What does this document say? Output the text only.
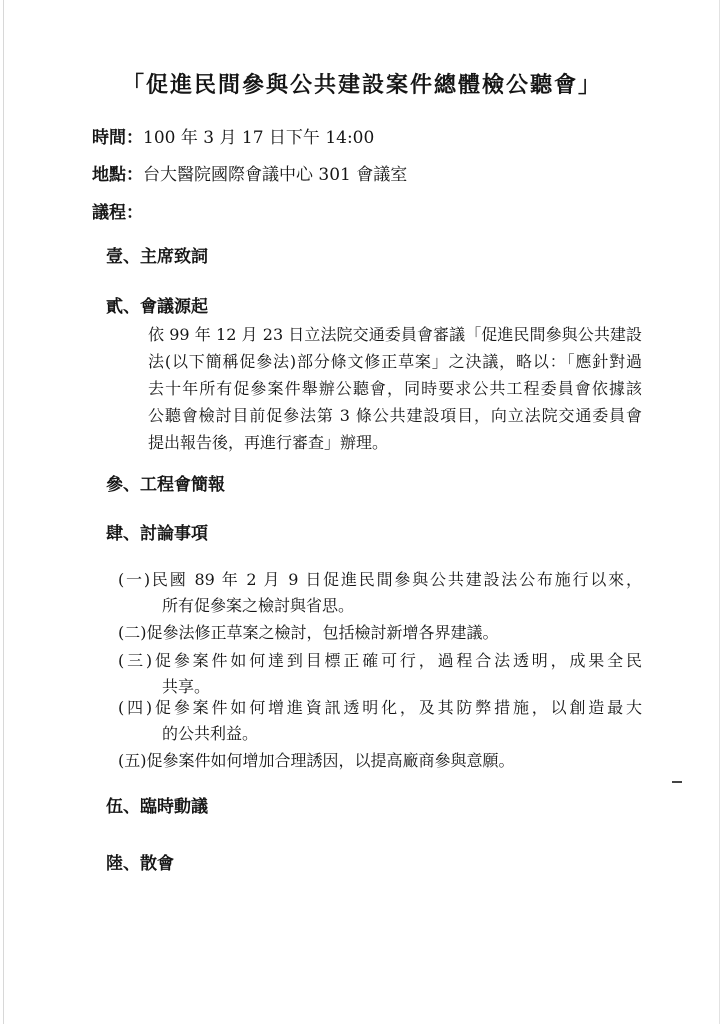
「促進民間參與公共建設案件總體檢公聽會」
時間：100 年 3 月 17 日下午 14:00
地點：台大醫院國際會議中心 301 會議室
議程：
壹、主席致詞
貳、會議源起
依 99 年 12 月 23 日立法院交通委員會審議「促進民間參與公共建設
法(以下簡稱促參法)部分條文修正草案」之決議，略以：「應針對過
去十年所有促參案件舉辦公聽會，同時要求公共工程委員會依據該
公聽會檢討目前促參法第 3 條公共建設項目，向立法院交通委員會
提出報告後，再進行審查」辦理。
參、工程會簡報
肆、討論事項
(一)民國 89 年 2 月 9 日促進民間參與公共建設法公布施行以來，
所有促參案之檢討與省思。
(二)促參法修正草案之檢討，包括檢討新增各界建議。
(三)促參案件如何達到目標正確可行，過程合法透明，成果全民
共享。
(四)促參案件如何增進資訊透明化，及其防弊措施，以創造最大
的公共利益。
(五)促參案件如何增加合理誘因，以提高廠商參與意願。
伍、臨時動議
陸、散會
